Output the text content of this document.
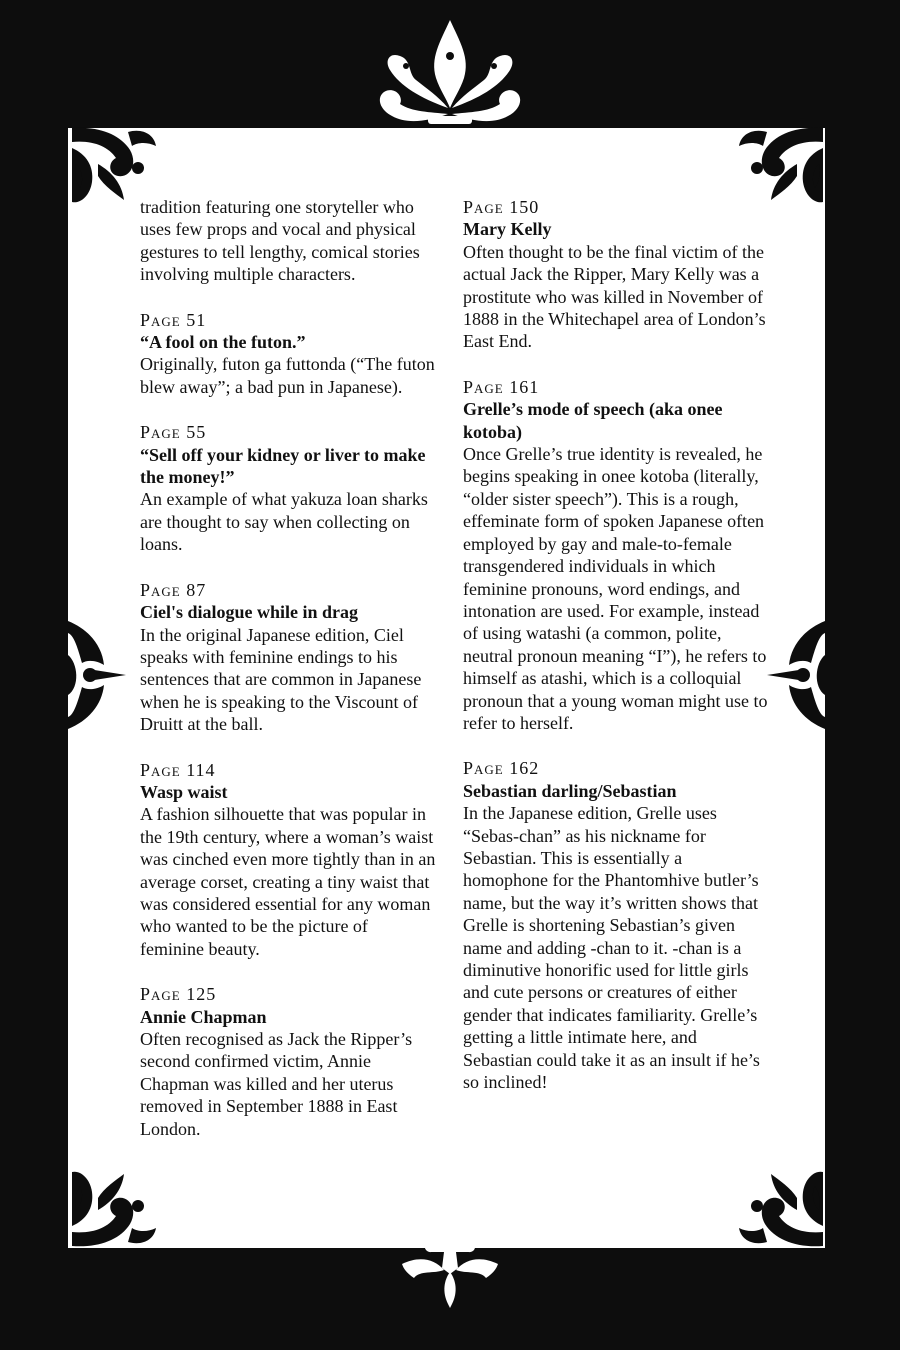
tradition featuring one storyteller who uses few props and vocal and physical gestures to tell lengthy, comical stories involving multiple characters.

Page 51

“A fool on the futon.”

Originally, futon ga futtonda (“The futon blew away”; a bad pun in Japanese).

Page 55

“Sell off your kidney or liver to make the money!”

An example of what yakuza loan sharks are thought to say when collecting on loans.

Page 87

Ciel's dialogue while in drag

In the original Japanese edition, Ciel speaks with feminine endings to his sentences that are common in Japanese when he is speaking to the Viscount of Druitt at the ball.

Page 114

Wasp waist

A fashion silhouette that was popular in the 19th century, where a woman’s waist was cinched even more tightly than in an average corset, creating a tiny waist that was considered essential for any woman who wanted to be the picture of feminine beauty.

Page 125

Annie Chapman

Often recognised as Jack the Ripper’s second confirmed victim, Annie Chapman was killed and her uterus removed in September 1888 in East London.

Page 150

Mary Kelly

Often thought to be the final victim of the actual Jack the Ripper, Mary Kelly was a prostitute who was killed in November of 1888 in the Whitechapel area of London’s East End.

Page 161

Grelle’s mode of speech (aka onee kotoba)

Once Grelle’s true identity is revealed, he begins speaking in onee kotoba (literally, “older sister speech”). This is a rough, effeminate form of spoken Japanese often employed by gay and male-to-female transgendered individuals in which feminine pronouns, word endings, and intonation are used. For example, instead of using watashi (a common, polite, neutral pronoun meaning “I”), he refers to himself as atashi, which is a colloquial pronoun that a young woman might use to refer to herself.

Page 162

Sebastian darling/Sebastian

In the Japanese edition, Grelle uses “Sebas-chan” as his nickname for Sebastian. This is essentially a homophone for the Phantomhive butler’s name, but the way it’s written shows that Grelle is shortening Sebastian’s given name and adding -chan to it. -chan is a diminutive honorific used for little girls and cute persons or creatures of either gender that indicates familiarity. Grelle’s getting a little intimate here, and Sebastian could take it as an insult if he’s so inclined!
